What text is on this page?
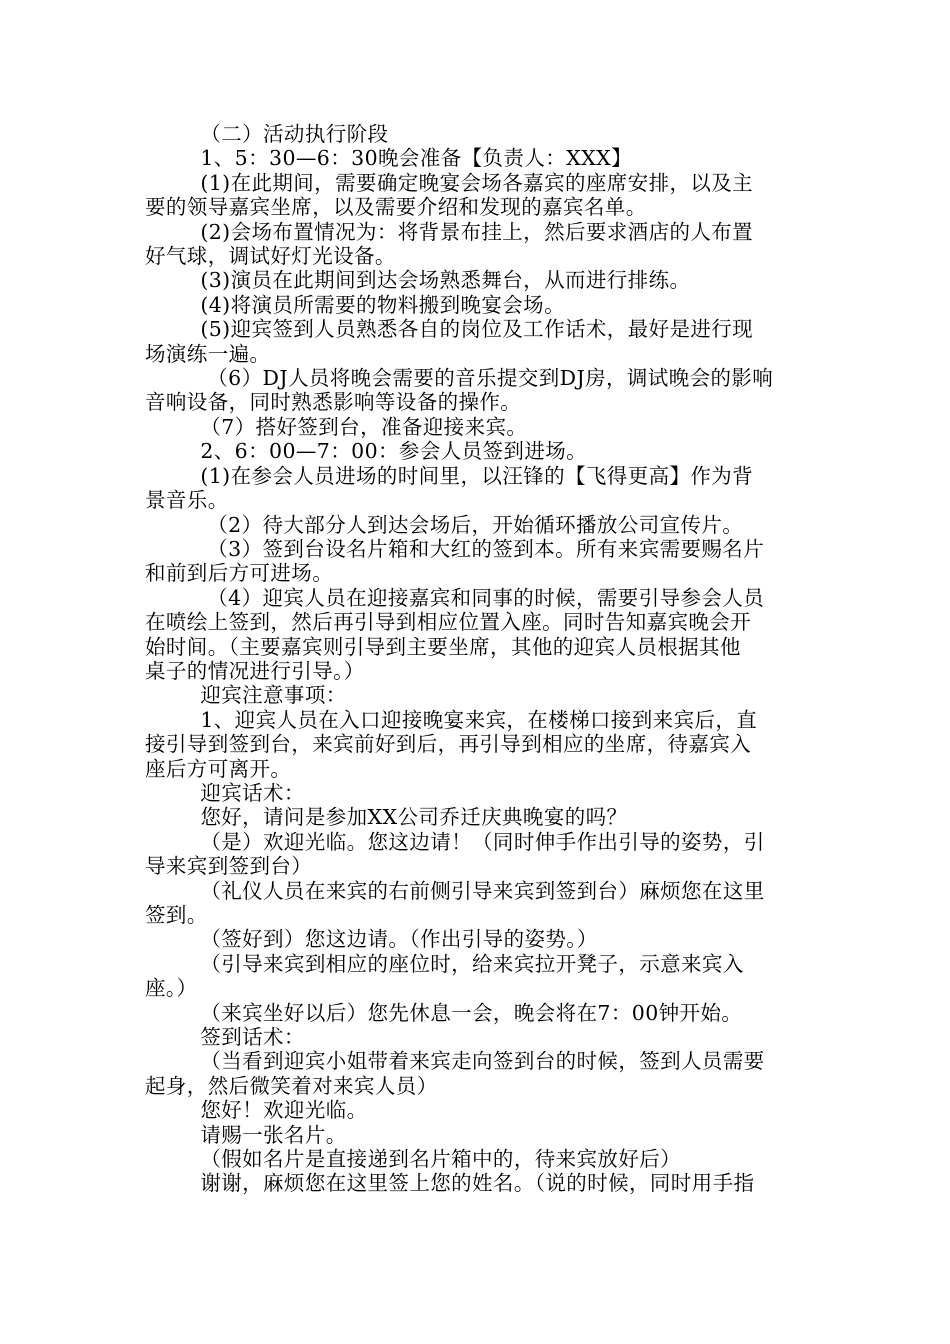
（二）活动执行阶段
1、5：30—6：30晚会准备【负责人：XXX】
(1)在此期间，需要确定晚宴会场各嘉宾的座席安排，以及主
要的领导嘉宾坐席，以及需要介绍和发现的嘉宾名单。
(2)会场布置情况为：将背景布挂上，然后要求酒店的人布置
好气球，调试好灯光设备。
(3)演员在此期间到达会场熟悉舞台，从而进行排练。
(4)将演员所需要的物料搬到晚宴会场。
(5)迎宾签到人员熟悉各自的岗位及工作话术，最好是进行现
场演练一遍。
（6）DJ人员将晚会需要的音乐提交到DJ房，调试晚会的影响
音响设备，同时熟悉影响等设备的操作。
（7）搭好签到台，准备迎接来宾。
2、6：00—7：00：参会人员签到进场。
(1)在参会人员进场的时间里，以汪锋的【飞得更高】作为背
景音乐。
（2）待大部分人到达会场后，开始循环播放公司宣传片。
（3）签到台设名片箱和大红的签到本。所有来宾需要赐名片
和前到后方可进场。
（4）迎宾人员在迎接嘉宾和同事的时候，需要引导参会人员
在喷绘上签到，然后再引导到相应位置入座。同时告知嘉宾晚会开
始时间。（主要嘉宾则引导到主要坐席，其他的迎宾人员根据其他
桌子的情况进行引导。）
迎宾注意事项：
1、迎宾人员在入口迎接晚宴来宾，在楼梯口接到来宾后，直
接引导到签到台，来宾前好到后，再引导到相应的坐席，待嘉宾入
座后方可离开。
迎宾话术：
您好，请问是参加XX公司乔迁庆典晚宴的吗？
（是）欢迎光临。您这边请！（同时伸手作出引导的姿势，引
导来宾到签到台）
（礼仪人员在来宾的右前侧引导来宾到签到台）麻烦您在这里
签到。
（签好到）您这边请。（作出引导的姿势。）
（引导来宾到相应的座位时，给来宾拉开凳子，示意来宾入
座。）
（来宾坐好以后）您先休息一会，晚会将在7：00钟开始。
签到话术：
（当看到迎宾小姐带着来宾走向签到台的时候，签到人员需要
起身，然后微笑着对来宾人员）
您好！欢迎光临。
请赐一张名片。
（假如名片是直接递到名片箱中的，待来宾放好后）
谢谢，麻烦您在这里签上您的姓名。（说的时候，同时用手指
